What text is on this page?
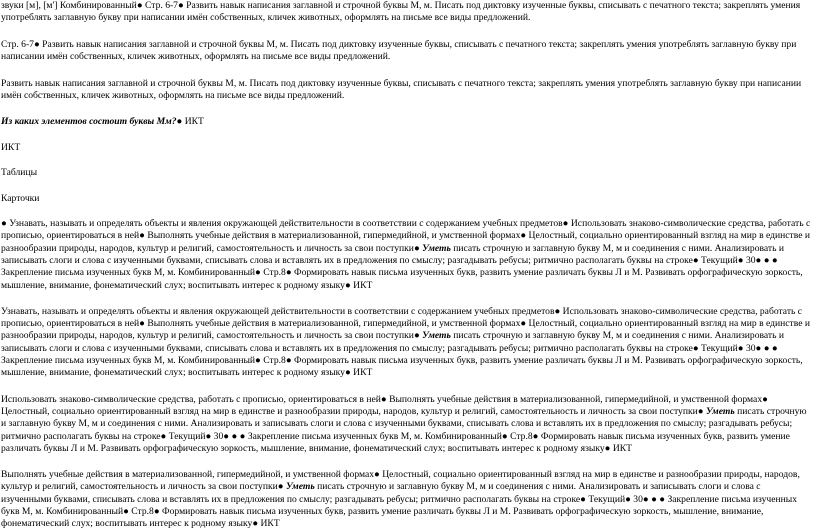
звуки [м], [м'] Комбинированный● Стр. 6-7● Развить навык написания заглавной и строчной буквы М, м. Писать под диктовку изученные буквы, списывать с печатного текста; закреплять умения употреблять заглавную букву при написании имён собственных, кличек животных, оформлять на письме все виды предложений.

Стр. 6-7● Развить навык написания заглавной и строчной буквы М, м. Писать под диктовку изученные буквы, списывать с печатного текста; закреплять умения употреблять заглавную букву при написании имён собственных, кличек животных, оформлять на письме все виды предложений.

Развить навык написания заглавной и строчной буквы М, м. Писать под диктовку изученные буквы, списывать с печатного текста; закреплять умения употреблять заглавную букву при написании имён собственных, кличек животных, оформлять на письме все виды предложений.

Из каких элементов состоит буквы Мм?● ИКТ

ИКТ

Таблицы

Карточки

● Узнавать, называть и определять объекты и явления окружающей действительности в соответствии с содержанием учебных предметов● Использовать знаково-символические средства, работать с прописью, ориентироваться в ней● Выполнять учебные действия в материализованной, гипермедийной, и умственной формах● Целостный, социально ориентированный взгляд на мир в единстве и разнообразии природы, народов, культур и религий, самостоятельность и личность за свои поступки● Уметь писать строчную и заглавную букву М, м и соединения с ними. Анализировать и записывать слоги и слова с изученными буквами, списывать слова и вставлять их в предложения по смыслу; разгадывать ребусы; ритмично располагать буквы на строке● Текущий● 30● ● ● Закрепление письма изученных букв М, м. Комбинированный● Стр.8● Формировать навык письма изученных букв, развить умение различать буквы Л и М. Развивать орфографическую зоркость, мышление, внимание, фонематический слух; воспитывать интерес к родному языку● ИКТ

Узнавать, называть и определять объекты и явления окружающей действительности в соответствии с содержанием учебных предметов● Использовать знаково-символические средства, работать с прописью, ориентироваться в ней● Выполнять учебные действия в материализованной, гипермедийной, и умственной формах● Целостный, социально ориентированный взгляд на мир в единстве и разнообразии природы, народов, культур и религий, самостоятельность и личность за свои поступки● Уметь писать строчную и заглавную букву М, м и соединения с ними. Анализировать и записывать слоги и слова с изученными буквами, списывать слова и вставлять их в предложения по смыслу; разгадывать ребусы; ритмично располагать буквы на строке● Текущий● 30● ● ● Закрепление письма изученных букв М, м. Комбинированный● Стр.8● Формировать навык письма изученных букв, развить умение различать буквы Л и М. Развивать орфографическую зоркость, мышление, внимание, фонематический слух; воспитывать интерес к родному языку● ИКТ

Использовать знаково-символические средства, работать с прописью, ориентироваться в ней● Выполнять учебные действия в материализованной, гипермедийной, и умственной формах● Целостный, социально ориентированный взгляд на мир в единстве и разнообразии природы, народов, культур и религий, самостоятельность и личность за свои поступки● Уметь писать строчную и заглавную букву М, м и соединения с ними. Анализировать и записывать слоги и слова с изученными буквами, списывать слова и вставлять их в предложения по смыслу; разгадывать ребусы; ритмично располагать буквы на строке● Текущий● 30● ● ● Закрепление письма изученных букв М, м. Комбинированный● Стр.8● Формировать навык письма изученных букв, развить умение различать буквы Л и М. Развивать орфографическую зоркость, мышление, внимание, фонематический слух; воспитывать интерес к родному языку● ИКТ

Выполнять учебные действия в материализованной, гипермедийной, и умственной формах● Целостный, социально ориентированный взгляд на мир в единстве и разнообразии природы, народов, культур и религий, самостоятельность и личность за свои поступки● Уметь писать строчную и заглавную букву М, м и соединения с ними. Анализировать и записывать слоги и слова с изученными буквами, списывать слова и вставлять их в предложения по смыслу; разгадывать ребусы; ритмично располагать буквы на строке● Текущий● 30● ● ● Закрепление письма изученных букв М, м. Комбинированный● Стр.8● Формировать навык письма изученных букв, развить умение различать буквы Л и М. Развивать орфографическую зоркость, мышление, внимание, фонематический слух; воспитывать интерес к родному языку● ИКТ
